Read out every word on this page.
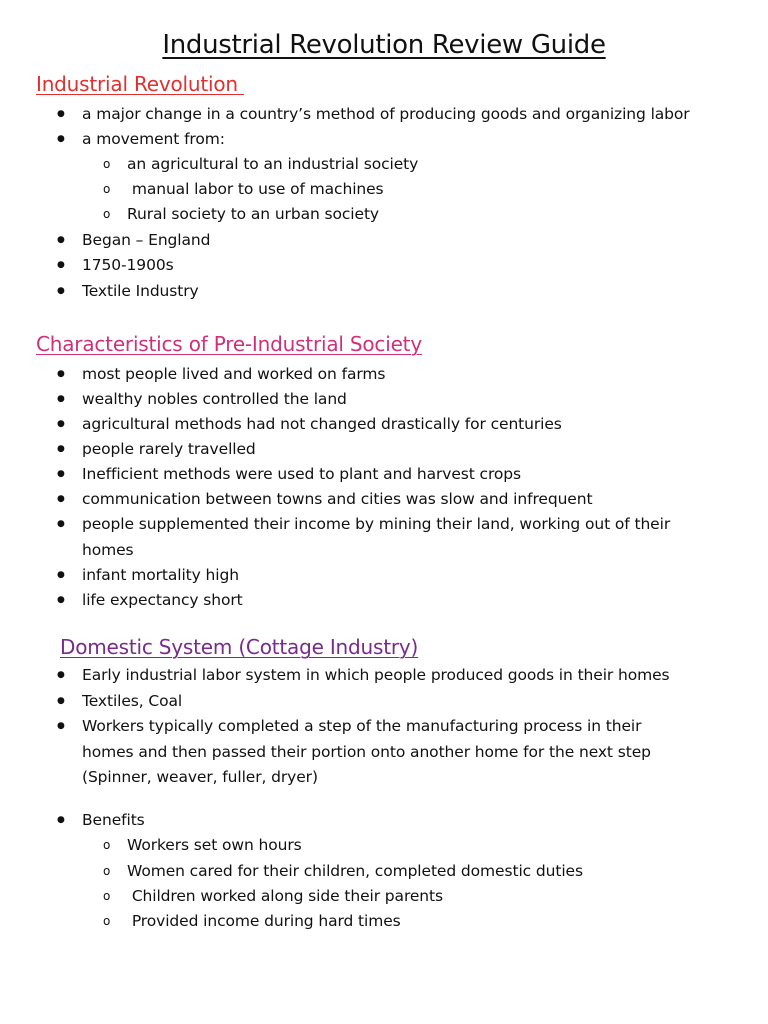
Industrial Revolution Review Guide
Industrial Revolution
● a major change in a country’s method of producing goods and organizing labor
● a movement from:
o an agricultural to an industrial society
o manual labor to use of machines
o Rural society to an urban society
● Began – England
● 1750-1900s
● Textile Industry
Characteristics of Pre-Industrial Society
● most people lived and worked on farms
● wealthy nobles controlled the land
● agricultural methods had not changed drastically for centuries
● people rarely travelled
● Inefficient methods were used to plant and harvest crops
● communication between towns and cities was slow and infrequent
● people supplemented their income by mining their land, working out of their
homes
● infant mortality high
● life expectancy short
Domestic System (Cottage Industry)
● Early industrial labor system in which people produced goods in their homes
● Textiles, Coal
● Workers typically completed a step of the manufacturing process in their
homes and then passed their portion onto another home for the next step
(Spinner, weaver, fuller, dryer)
● Benefits
o Workers set own hours
o Women cared for their children, completed domestic duties
o Children worked along side their parents
o Provided income during hard times
